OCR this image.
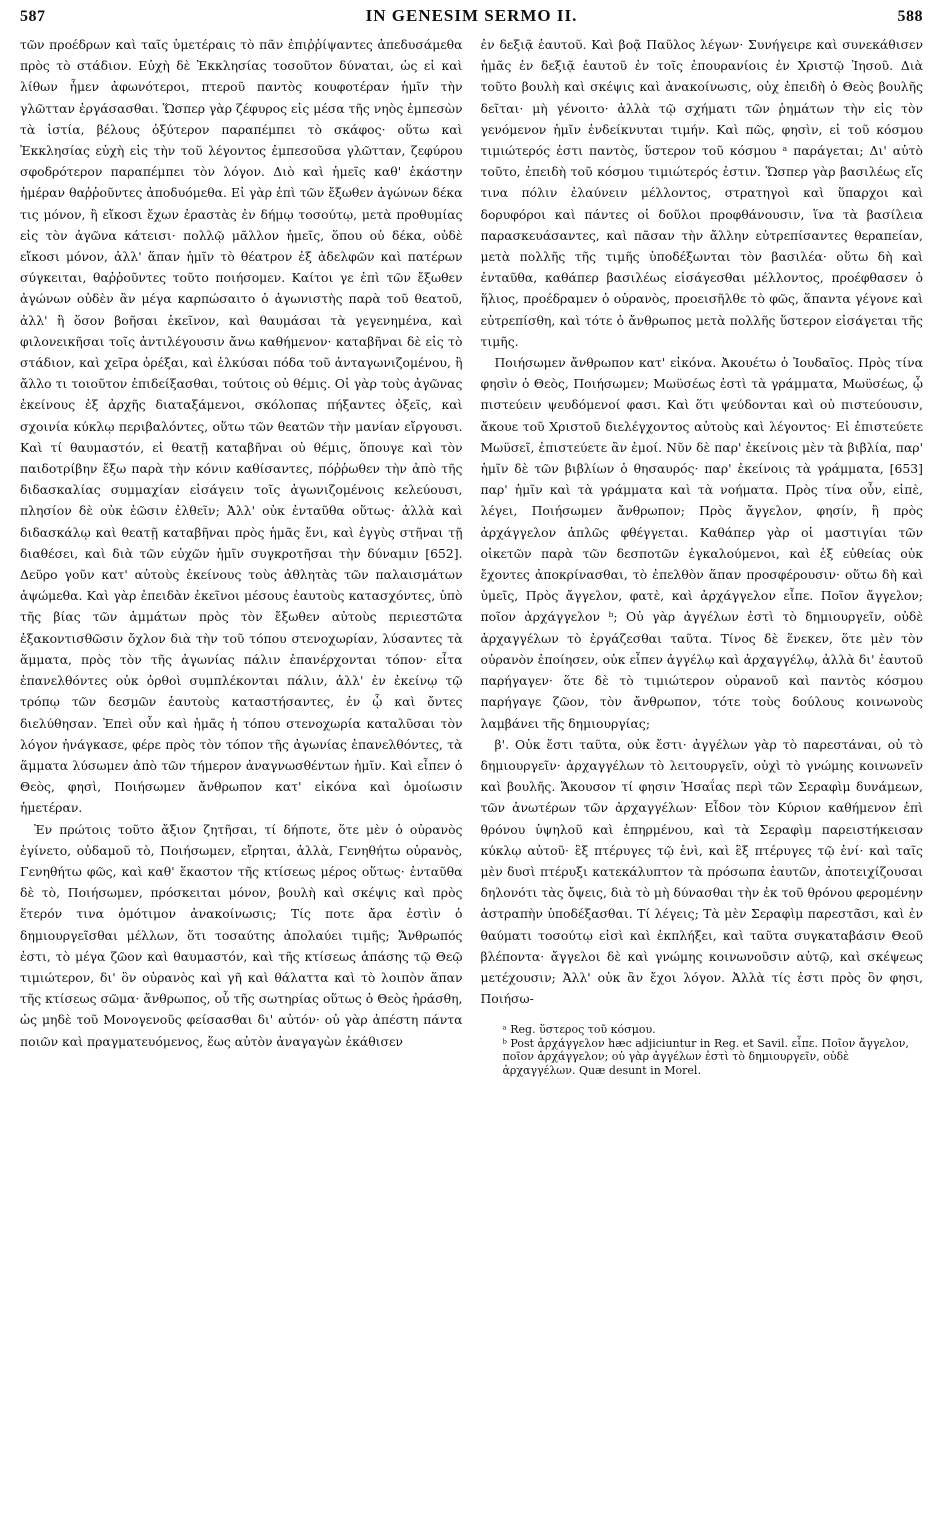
587	IN GENESIM SERMO II.	588

τῶν προέδρων καὶ ταῖς ὑμετέραις τὸ πᾶν ἐπιῤῥίψαντες ἀπεδυσάμεθα πρὸς τὸ στάδιον. Εὐχὴ δὲ Ἐκκλησίας τοσοῦτον δύναται, ὡς εἰ καὶ λίθων ἦμεν ἀφωνότεροι, πτεροῦ παντὸς κουφοτέραν ἡμῖν τὴν γλῶτταν ἐργάσασθαι. Ὥσπερ γὰρ ζέφυρος εἰς μέσα τῆς νηὸς ἐμπεσὼν τὰ ἱστία, βέλους ὀξύτερον παραπέμπει τὸ σκάφος· οὕτω καὶ Ἐκκλησίας εὐχὴ εἰς τὴν τοῦ λέγοντος ἐμπεσοῦσα γλῶτταν, ζεφύρου σφοδρότερον παραπέμπει τὸν λόγον. Διὸ καὶ ἡμεῖς καθ' ἑκάστην ἡμέραν θαῤῥοῦντες ἀποδυόμεθα. Εἰ γὰρ ἐπὶ τῶν ἔξωθεν ἀγώνων δέκα τις μόνον, ἢ εἴκοσι ἔχων ἐραστὰς ἐν δήμῳ τοσούτῳ, μετὰ προθυμίας εἰς τὸν ἀγῶνα κάτεισι· πολλῷ μᾶλλον ἡμεῖς, ὅπου οὐ δέκα, οὐδὲ εἴκοσι μόνον, ἀλλ' ἅπαν ἡμῖν τὸ θέατρον ἐξ ἀδελφῶν καὶ πατέρων σύγκειται, θαῤῥοῦντες τοῦτο ποιήσομεν. Καίτοι γε ἐπὶ τῶν ἔξωθεν ἀγώνων οὐδὲν ἂν μέγα καρπώσαιτο ὁ ἀγωνιστὴς παρὰ τοῦ θεατοῦ, ἀλλ' ἢ ὅσον βοῆσαι ἐκεῖνον, καὶ θαυμάσαι τὰ γεγενημένα, καὶ φιλονεικῆσαι τοῖς ἀντιλέγουσιν ἄνω καθήμενον· καταβῆναι δὲ εἰς τὸ στάδιον, καὶ χεῖρα ὀρέξαι, καὶ ἑλκύσαι πόδα τοῦ ἀνταγωνιζομένου, ἢ ἄλλο τι τοιοῦτον ἐπιδείξασθαι, τούτοις οὐ θέμις. Οἱ γὰρ τοὺς ἀγῶνας ἐκείνους ἐξ ἀρχῆς διαταξάμενοι, σκόλοπας πήξαντες ὀξεῖς, καὶ σχοινία κύκλῳ περιβαλόντες, οὕτω τῶν θεατῶν τὴν μανίαν εἴργουσι. Καὶ τί θαυμαστόν, εἰ θεατῇ καταβῆναι οὐ θέμις, ὅπουγε καὶ τὸν παιδοτρίβην ἔξω παρὰ τὴν κόνιν καθίσαντες, πόῤῥωθεν τὴν ἀπὸ τῆς διδασκαλίας συμμαχίαν εἰσάγειν τοῖς ἀγωνιζομένοις κελεύουσι, πλησίον δὲ οὐκ ἐῶσιν ἐλθεῖν; Ἀλλ' οὐκ ἐνταῦθα οὕτως· ἀλλὰ καὶ διδασκάλῳ καὶ θεατῇ καταβῆναι πρὸς ἡμᾶς ἔνι, καὶ ἐγγὺς στῆναι τῇ διαθέσει, καὶ διὰ τῶν εὐχῶν ἡμῖν συγκροτῆσαι τὴν δύναμιν [652]. Δεῦρο γοῦν κατ' αὐτοὺς ἐκείνους τοὺς ἀθλητὰς τῶν παλαισμάτων ἁψώμεθα. Καὶ γὰρ ἐπειδὰν ἐκεῖνοι μέσους ἑαυτοὺς κατασχόντες, ὑπὸ τῆς βίας τῶν ἁμμάτων πρὸς τὸν ἔξωθεν αὐτοὺς περιεστῶτα ἐξακοντισθῶσιν ὄχλον διὰ τὴν τοῦ τόπου στενοχωρίαν, λύσαντες τὰ ἅμματα, πρὸς τὸν τῆς ἀγωνίας πάλιν ἐπανέρχονται τόπον· εἶτα ἐπανελθόντες οὐκ ὀρθοὶ συμπλέκονται πάλιν, ἀλλ' ἐν ἐκείνῳ τῷ τρόπῳ τῶν δεσμῶν ἑαυτοὺς καταστήσαντες, ἐν ᾧ καὶ ὄντες διελύθησαν. Ἐπεὶ οὖν καὶ ἡμᾶς ἡ τόπου στενοχωρία καταλῦσαι τὸν λόγον ἠνάγκασε, φέρε πρὸς τὸν τόπον τῆς ἀγωνίας ἐπανελθόντες, τὰ ἅμματα λύσωμεν ἀπὸ τῶν τήμερον ἀναγνωσθέντων ἡμῖν. Καὶ εἶπεν ὁ Θεὸς, φησὶ, Ποιήσωμεν ἄνθρωπον κατ' εἰκόνα καὶ ὁμοίωσιν ἡμετέραν.

Ἐν πρώτοις τοῦτο ἄξιον ζητῆσαι, τί δήποτε, ὅτε μὲν ὁ οὐρανὸς ἐγίνετο, οὐδαμοῦ τὸ, Ποιήσωμεν, εἴρηται, ἀλλὰ, Γενηθήτω οὐρανὸς, Γενηθήτω φῶς, καὶ καθ' ἕκαστον τῆς κτίσεως μέρος οὕτως· ἐνταῦθα δὲ τὸ, Ποιήσωμεν, πρόσκειται μόνον, βουλὴ καὶ σκέψις καὶ πρὸς ἕτερόν τινα ὁμότιμον ἀνακοίνωσις; Τίς ποτε ἄρα ἐστὶν ὁ δημιουργεῖσθαι μέλλων, ὅτι τοσαύτης ἀπολαύει τιμῆς; Ἄνθρωπός ἐστι, τὸ μέγα ζῶον καὶ θαυμαστόν, καὶ τῆς κτίσεως ἁπάσης τῷ Θεῷ τιμιώτερον, δι' ὃν οὐρανὸς καὶ γῆ καὶ θάλαττα καὶ τὸ λοιπὸν ἅπαν τῆς κτίσεως σῶμα· ἄνθρωπος, οὗ τῆς σωτηρίας οὕτως ὁ Θεὸς ἠράσθη, ὡς μηδὲ τοῦ Μονογενοῦς φείσασθαι δι' αὐτόν· οὐ γὰρ ἀπέστη πάντα ποιῶν καὶ πραγματευόμενος, ἕως αὐτὸν ἀναγαγὼν ἐκάθισεν

ἐν δεξιᾷ ἑαυτοῦ. Καὶ βοᾷ Παῦλος λέγων· Συνήγειρε καὶ συνεκάθισεν ἡμᾶς ἐν δεξιᾷ ἑαυτοῦ ἐν τοῖς ἐπουρανίοις ἐν Χριστῷ Ἰησοῦ. Διὰ τοῦτο βουλὴ καὶ σκέψις καὶ ἀνακοίνωσις, οὐχ ἐπειδὴ ὁ Θεὸς βουλῆς δεῖται· μὴ γένοιτο· ἀλλὰ τῷ σχήματι τῶν ῥημάτων τὴν εἰς τὸν γενόμενον ἡμῖν ἐνδείκνυται τιμήν. Καὶ πῶς, φησὶν, εἰ τοῦ κόσμου τιμιώτερός ἐστι παντὸς, ὕστερον τοῦ κόσμου ᵃ παράγεται; Δι' αὐτὸ τοῦτο, ἐπειδὴ τοῦ κόσμου τιμιώτερός ἐστιν. Ὥσπερ γὰρ βασιλέως εἴς τινα πόλιν ἐλαύνειν μέλλοντος, στρατηγοὶ καὶ ὕπαρχοι καὶ δορυφόροι καὶ πάντες οἱ δοῦλοι προφθάνουσιν, ἵνα τὰ βασίλεια παρασκευάσαντες, καὶ πᾶσαν τὴν ἄλλην εὐτρεπίσαντες θεραπείαν, μετὰ πολλῆς τῆς τιμῆς ὑποδέξωνται τὸν βασιλέα· οὕτω δὴ καὶ ἐνταῦθα, καθάπερ βασιλέως εἰσάγεσθαι μέλλοντος, προέφθασεν ὁ ἥλιος, προέδραμεν ὁ οὐρανὸς, προεισῆλθε τὸ φῶς, ἅπαντα γέγονε καὶ εὐτρεπίσθη, καὶ τότε ὁ ἄνθρωπος μετὰ πολλῆς ὕστερον εἰσάγεται τῆς τιμῆς.

Ποιήσωμεν ἄνθρωπον κατ' εἰκόνα. Ἀκουέτω ὁ Ἰουδαῖος. Πρὸς τίνα φησὶν ὁ Θεὸς, Ποιήσωμεν; Μωϋσέως ἐστὶ τὰ γράμματα, Μωϋσέως, ᾧ πιστεύειν ψευδόμενοί φασι. Καὶ ὅτι ψεύδονται καὶ οὐ πιστεύουσιν, ἄκουε τοῦ Χριστοῦ διελέγχοντος αὐτοὺς καὶ λέγοντος· Εἰ ἐπιστεύετε Μωϋσεῖ, ἐπιστεύετε ἂν ἐμοί. Νῦν δὲ παρ' ἐκείνοις μὲν τὰ βιβλία, παρ' ἡμῖν δὲ τῶν βιβλίων ὁ θησαυρός· παρ' ἐκείνοις τὰ γράμματα, [653] παρ' ἡμῖν καὶ τὰ γράμματα καὶ τὰ νοήματα. Πρὸς τίνα οὖν, εἰπὲ, λέγει, Ποιήσωμεν ἄνθρωπον; Πρὸς ἄγγελον, φησίν, ἢ πρὸς ἀρχάγγελον ἁπλῶς φθέγγεται. Καθάπερ γὰρ οἱ μαστιγίαι τῶν οἰκετῶν παρὰ τῶν δεσποτῶν ἐγκαλούμενοι, καὶ ἐξ εὐθείας οὐκ ἔχοντες ἀποκρίνασθαι, τὸ ἐπελθὸν ἅπαν προσφέρουσιν· οὕτω δὴ καὶ ὑμεῖς, Πρὸς ἄγγελον, φατὲ, καὶ ἀρχάγγελον εἶπε. Ποῖον ἄγγελον; ποῖον ἀρχάγγελον ᵇ; Οὐ γὰρ ἀγγέλων ἐστὶ τὸ δημιουργεῖν, οὐδὲ ἀρχαγγέλων τὸ ἐργάζεσθαι ταῦτα. Τίνος δὲ ἕνεκεν, ὅτε μὲν τὸν οὐρανὸν ἐποίησεν, οὐκ εἶπεν ἀγγέλῳ καὶ ἀρχαγγέλῳ, ἀλλὰ δι' ἑαυτοῦ παρήγαγεν· ὅτε δὲ τὸ τιμιώτερον οὐρανοῦ καὶ παντὸς κόσμου παρήγαγε ζῶον, τὸν ἄνθρωπον, τότε τοὺς δούλους κοινωνοὺς λαμβάνει τῆς δημιουργίας;

β'. Οὐκ ἔστι ταῦτα, οὐκ ἔστι· ἀγγέλων γὰρ τὸ παρεστάναι, οὐ τὸ δημιουργεῖν· ἀρχαγγέλων τὸ λειτουργεῖν, οὐχὶ τὸ γνώμης κοινωνεῖν καὶ βουλῆς. Ἄκουσον τί φησιν Ἡσαΐας περὶ τῶν Σεραφὶμ δυνάμεων, τῶν ἀνωτέρων τῶν ἀρχαγγέλων· Εἶδον τὸν Κύριον καθήμενον ἐπὶ θρόνου ὑψηλοῦ καὶ ἐπηρμένου, καὶ τὰ Σεραφὶμ παρειστήκεισαν κύκλῳ αὐτοῦ· ἓξ πτέρυγες τῷ ἑνὶ, καὶ ἓξ πτέρυγες τῷ ἑνί· καὶ ταῖς μὲν δυσὶ πτέρυξι κατεκάλυπτον τὰ πρόσωπα ἑαυτῶν, ἀποτειχίζουσαι δηλονότι τὰς ὄψεις, διὰ τὸ μὴ δύνασθαι τὴν ἐκ τοῦ θρόνου φερομένην ἀστραπὴν ὑποδέξασθαι. Τί λέγεις; Τὰ μὲν Σεραφὶμ παρεστᾶσι, καὶ ἐν θαύματι τοσούτῳ εἰσὶ καὶ ἐκπλήξει, καὶ ταῦτα συγκαταβάσιν Θεοῦ βλέποντα· ἄγγελοι δὲ καὶ γνώμης κοινωνοῦσιν αὐτῷ, καὶ σκέψεως μετέχουσιν; Ἀλλ' οὐκ ἂν ἔχοι λόγον. Ἀλλὰ τίς ἐστι πρὸς ὃν φησι, Ποιήσω-

ᵃ Reg. ὕστερος τοῦ κόσμου.
ᵇ Post ἀρχάγγελον hæc adjiciuntur in Reg. et Savil. εἶπε. Ποῖον ἄγγελον, ποῖον ἀρχάγγελον; οὐ γὰρ ἀγγέλων ἐστὶ τὸ δημιουργεῖν, οὐδὲ ἀρχαγγέλων. Quæ desunt in Morel.
